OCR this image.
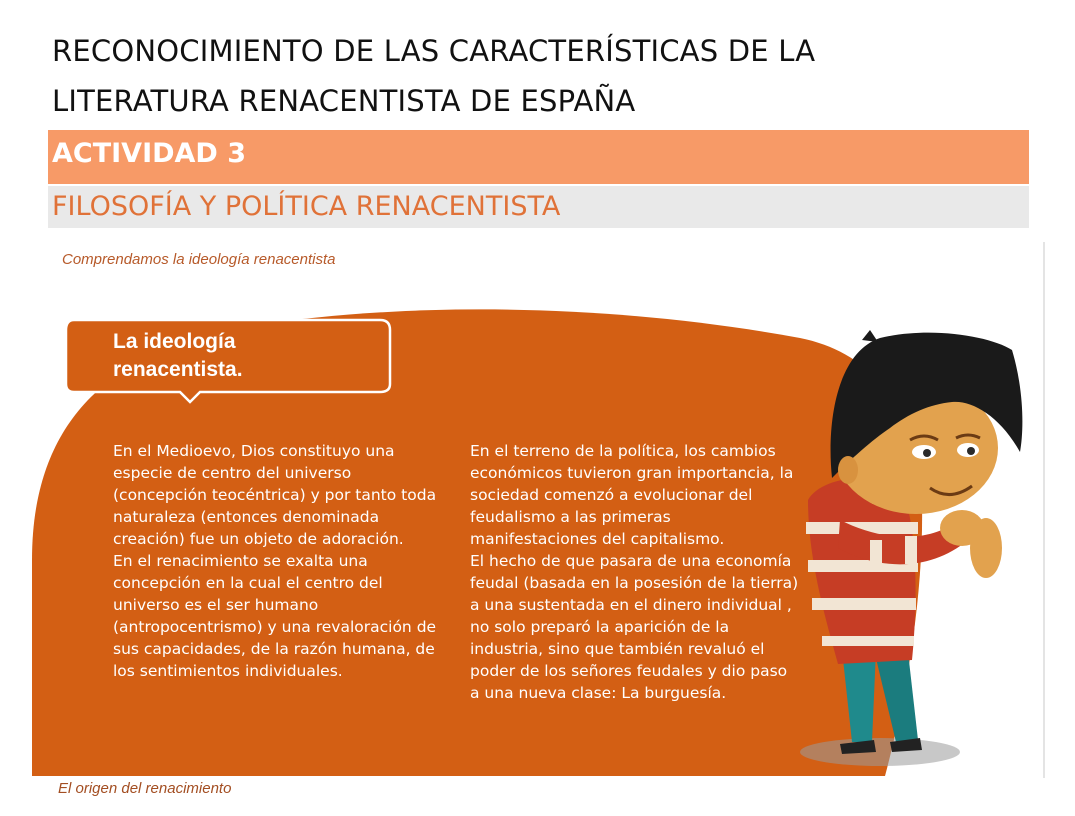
RECONOCIMIENTO DE LAS CARACTERÍSTICAS DE LA
LITERATURA RENACENTISTA DE ESPAÑA
ACTIVIDAD 3
FILOSOFÍA Y POLÍTICA RENACENTISTA
Comprendamos la ideología renacentista
La ideología
renacentista.

En el Medioevo, Dios constituyo una especie de centro del universo (concepción teocéntrica) y por tanto toda naturaleza (entonces denominada creación) fue un objeto de adoración.

En el renacimiento se exalta una concepción en la cual el centro del universo es el ser humano (antropocentrismo) y una revaloración de sus capacidades, de la razón humana, de los sentimientos individuales.

En el terreno de la política, los cambios económicos tuvieron gran importancia, la sociedad comenzó a evolucionar del feudalismo a las primeras manifestaciones del capitalismo.

El hecho de que pasara de una economía feudal (basada en la posesión de la tierra) a una sustentada en el dinero individual , no solo preparó la aparición de la industria, sino que también revaluó el poder de los señores feudales y dio paso a una nueva clase: La burguesía.

El origen del renacimiento
